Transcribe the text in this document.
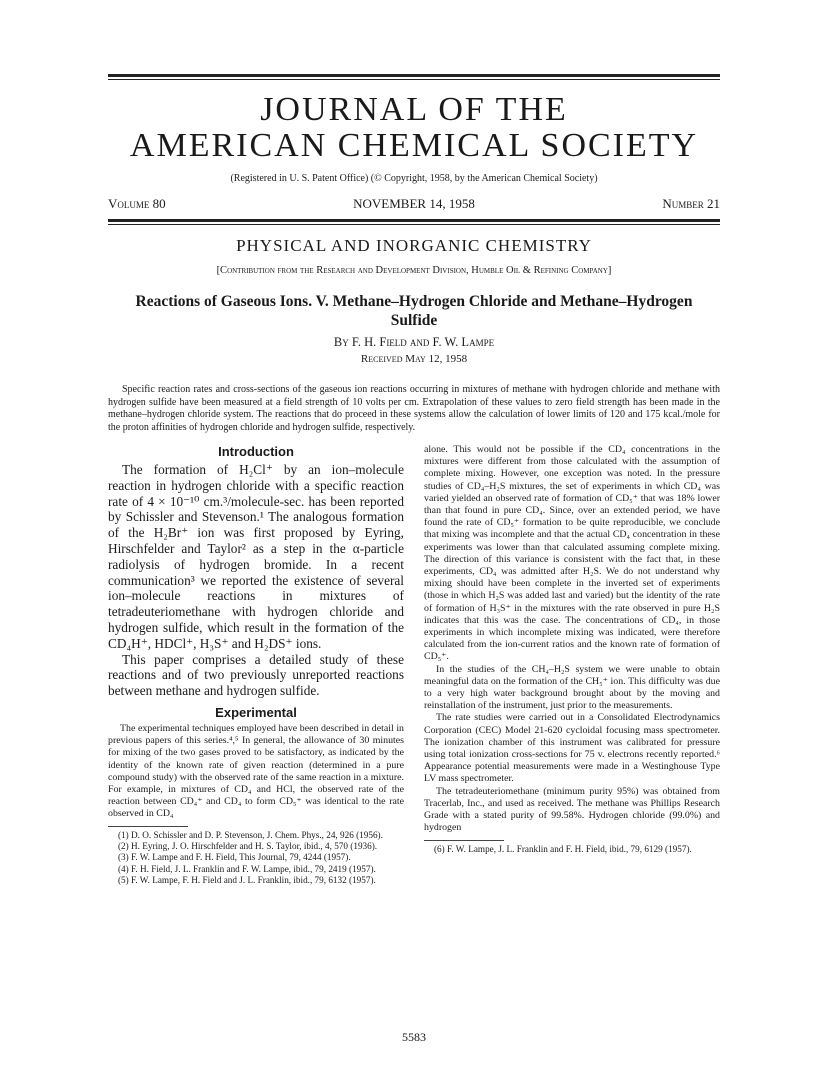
JOURNAL OF THE
AMERICAN CHEMICAL SOCIETY
(Registered in U. S. Patent Office) (© Copyright, 1958, by the American Chemical Society)
NOVEMBER 14, 1958
Volume 80	Number 21
PHYSICAL AND INORGANIC CHEMISTRY
[Contribution from the Research and Development Division, Humble Oil & Refining Company]
Reactions of Gaseous Ions. V. Methane–Hydrogen Chloride and Methane–Hydrogen
Sulfide
By F. H. Field and F. W. Lampe
Received May 12, 1958

Specific reaction rates and cross-sections of the gaseous ion reactions occurring in mixtures of methane with hydrogen chloride and methane with hydrogen sulfide have been measured at a field strength of 10 volts per cm. Extrapolation of these values to zero field strength has been made in the methane–hydrogen chloride system. The reactions that do proceed in these systems allow the calculation of lower limits of 120 and 175 kcal./mole for the proton affinities of hydrogen chloride and hydrogen sulfide, respectively.

Introduction

The formation of H₂Cl⁺ by an ion–molecule reaction in hydrogen chloride with a specific reaction rate of 4 × 10⁻¹⁰ cm.³/molecule-sec. has been reported by Schissler and Stevenson.¹ The analogous formation of the H₂Br⁺ ion was first proposed by Eyring, Hirschfelder and Taylor² as a step in the α-particle radiolysis of hydrogen bromide. In a recent communication³ we reported the existence of several ion–molecule reactions in mixtures of tetradeuteriomethane with hydrogen chloride and hydrogen sulfide, which result in the formation of the CD₄H⁺, HDCl⁺, H₃S⁺ and H₂DS⁺ ions.

This paper comprises a detailed study of these reactions and of two previously unreported reactions between methane and hydrogen sulfide.

Experimental

The experimental techniques employed have been described in detail in previous papers of this series.⁴,⁵ In general, the allowance of 30 minutes for mixing of the two gases proved to be satisfactory, as indicated by the identity of the known rate of given reaction (determined in a pure compound study) with the observed rate of the same reaction in a mixture. For example, in mixtures of CD₄ and HCl, the observed rate of the reaction between CD₄⁺ and CD₄ to form CD₅⁺ was identical to the rate observed in CD₄

(1) D. O. Schissler and D. P. Stevenson, J. Chem. Phys., 24, 926 (1956).

(2) H. Eyring, J. O. Hirschfelder and H. S. Taylor, ibid., 4, 570 (1936).

(3) F. W. Lampe and F. H. Field, This Journal, 79, 4244 (1957).

(4) F. H. Field, J. L. Franklin and F. W. Lampe, ibid., 79, 2419 (1957).

(5) F. W. Lampe, F. H. Field and J. L. Franklin, ibid., 79, 6132 (1957).

alone. This would not be possible if the CD₄ concentrations in the mixtures were different from those calculated with the assumption of complete mixing. However, one exception was noted. In the pressure studies of CD₄–H₂S mixtures, the set of experiments in which CD₄ was varied yielded an observed rate of formation of CD₅⁺ that was 18% lower than that found in pure CD₄. Since, over an extended period, we have found the rate of CD₅⁺ formation to be quite reproducible, we conclude that mixing was incomplete and that the actual CD₄ concentration in these experiments was lower than that calculated assuming complete mixing. The direction of this variance is consistent with the fact that, in these experiments, CD₄ was admitted after H₂S. We do not understand why mixing should have been complete in the inverted set of experiments (those in which H₂S was added last and varied) but the identity of the rate of formation of H₃S⁺ in the mixtures with the rate observed in pure H₂S indicates that this was the case. The concentrations of CD₄, in those experiments in which incomplete mixing was indicated, were therefore calculated from the ion-current ratios and the known rate of formation of CD₅⁺.

In the studies of the CH₄–H₂S system we were unable to obtain meaningful data on the formation of the CH₅⁺ ion. This difficulty was due to a very high water background brought about by the moving and reinstallation of the instrument, just prior to the measurements.

The rate studies were carried out in a Consolidated Electrodynamics Corporation (CEC) Model 21-620 cycloidal focusing mass spectrometer. The ionization chamber of this instrument was calibrated for pressure using total ionization cross-sections for 75 v. electrons recently reported.⁶ Appearance potential measurements were made in a Westinghouse Type LV mass spectrometer.

The tetradeuteriomethane (minimum purity 95%) was obtained from Tracerlab, Inc., and used as received. The methane was Phillips Research Grade with a stated purity of 99.58%. Hydrogen chloride (99.0%) and hydrogen

(6) F. W. Lampe, J. L. Franklin and F. H. Field, ibid., 79, 6129 (1957).

5583
